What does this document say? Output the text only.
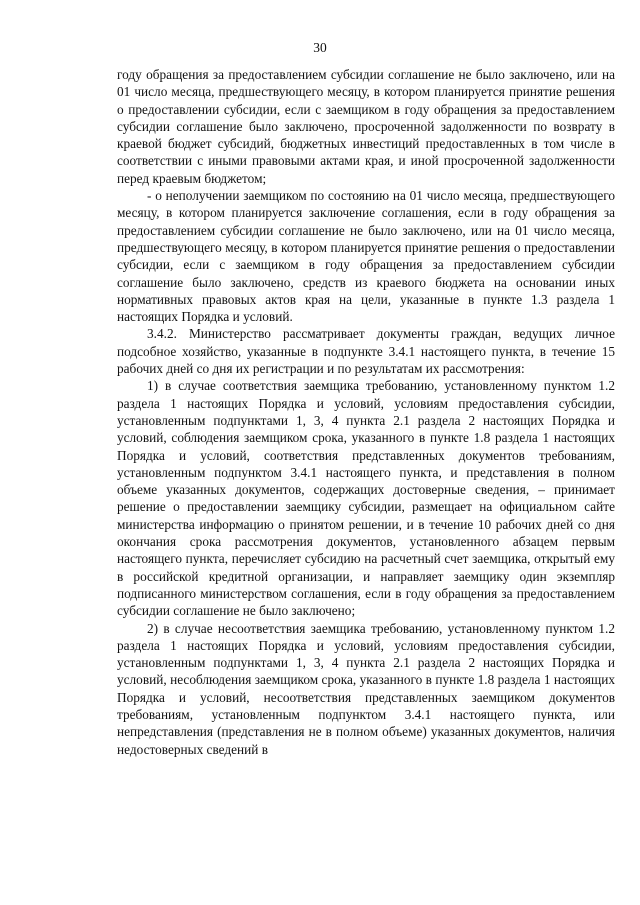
30

году обращения за предоставлением субсидии соглашение не было заключено, или на 01 число месяца, предшествующего месяцу, в котором планируется принятие решения о предоставлении субсидии, если с заемщиком в году обращения за предоставлением субсидии соглашение было заключено, просроченной задолженности по возврату в краевой бюджет субсидий, бюджетных инвестиций предоставленных в том числе в соответствии с иными правовыми актами края, и иной просроченной задолженности перед краевым бюджетом;

- о неполучении заемщиком по состоянию на 01 число месяца, предшествующего месяцу, в котором планируется заключение соглашения, если в году обращения за предоставлением субсидии соглашение не было заключено, или на 01 число месяца, предшествующего месяцу, в котором планируется принятие решения о предоставлении субсидии, если с заемщиком в году обращения за предоставлением субсидии соглашение было заключено, средств из краевого бюджета на основании иных нормативных правовых актов края на цели, указанные в пункте 1.3 раздела 1 настоящих Порядка и условий.

3.4.2. Министерство рассматривает документы граждан, ведущих личное подсобное хозяйство, указанные в подпункте 3.4.1 настоящего пункта, в течение 15 рабочих дней со дня их регистрации и по результатам их рассмотрения:

1) в случае соответствия заемщика требованию, установленному пунктом 1.2 раздела 1 настоящих Порядка и условий, условиям предоставления субсидии, установленным подпунктами 1, 3, 4 пункта 2.1 раздела 2 настоящих Порядка и условий, соблюдения заемщиком срока, указанного в пункте 1.8 раздела 1 настоящих Порядка и условий, соответствия представленных документов требованиям, установленным подпунктом 3.4.1 настоящего пункта, и представления в полном объеме указанных документов, содержащих достоверные сведения, – принимает решение о предоставлении заемщику субсидии, размещает на официальном сайте министерства информацию о принятом решении, и в течение 10 рабочих дней со дня окончания срока рассмотрения документов, установленного абзацем первым настоящего пункта, перечисляет субсидию на расчетный счет заемщика, открытый ему в российской кредитной организации, и направляет заемщику один экземпляр подписанного министерством соглашения, если в году обращения за предоставлением субсидии соглашение не было заключено;

2) в случае несоответствия заемщика требованию, установленному пунктом 1.2 раздела 1 настоящих Порядка и условий, условиям предоставления субсидии, установленным подпунктами 1, 3, 4 пункта 2.1 раздела 2 настоящих Порядка и условий, несоблюдения заемщиком срока, указанного в пункте 1.8 раздела 1 настоящих Порядка и условий, несоответствия представленных заемщиком документов требованиям, установленным подпунктом 3.4.1 настоящего пункта, или непредставления (представления не в полном объеме) указанных документов, наличия недостоверных сведений в
